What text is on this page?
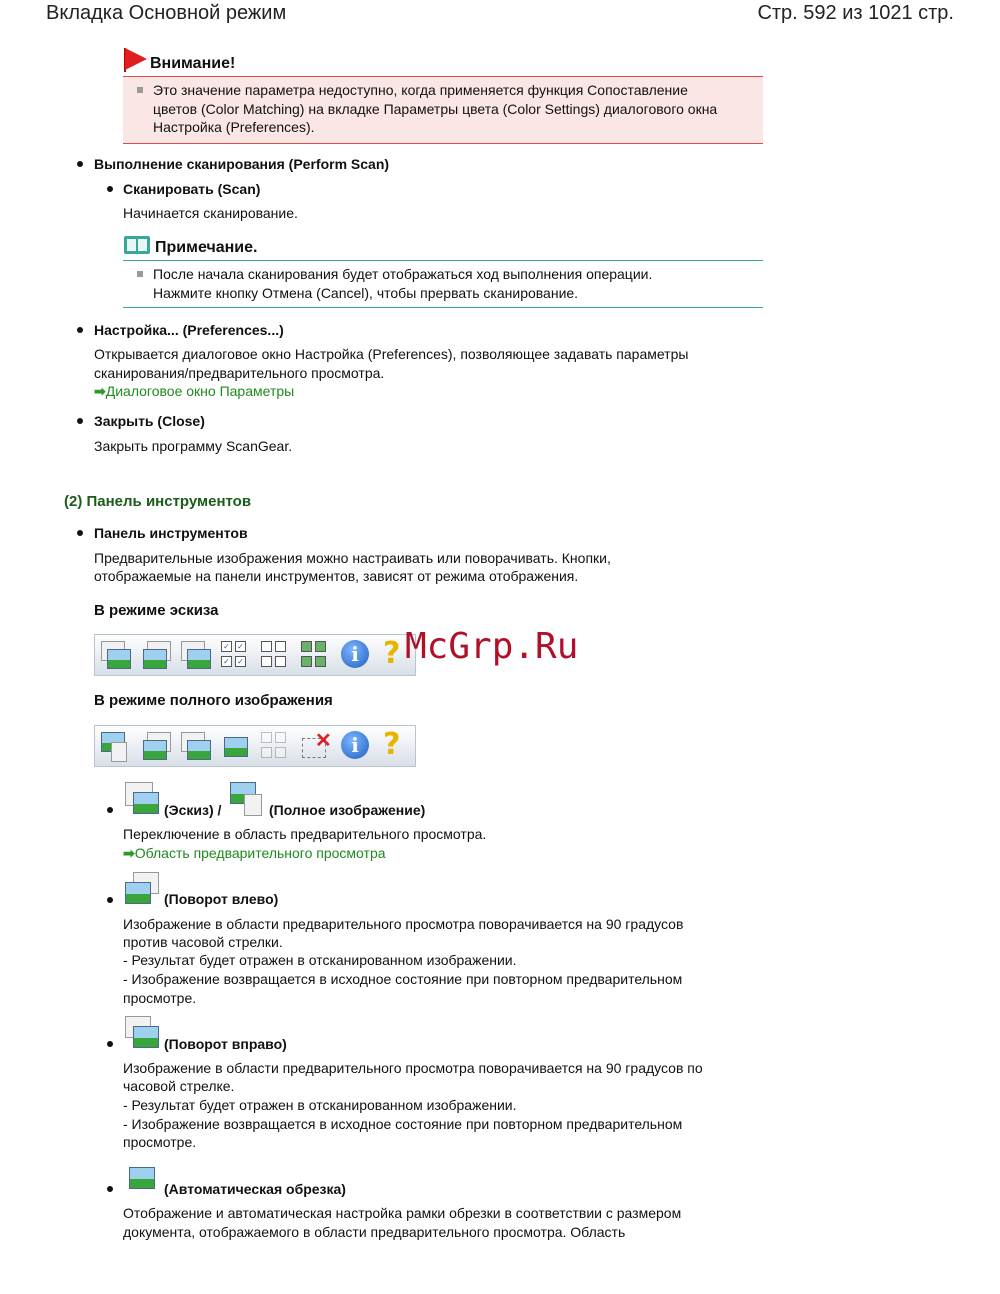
Вкладка Основной режим	Стр. 592 из 1021 стр.
Внимание!
Это значение параметра недоступно, когда применяется функция Сопоставление
цветов (Color Matching) на вкладке Параметры цвета (Color Settings) диалогового окна
Настройка (Preferences).
Выполнение сканирования (Perform Scan)
Сканировать (Scan)
Начинается сканирование.
Примечание.
После начала сканирования будет отображаться ход выполнения операции.
Нажмите кнопку Отмена (Cancel), чтобы прервать сканирование.
Настройка... (Preferences...)
Открывается диалоговое окно Настройка (Preferences), позволяющее задавать параметры
сканирования/предварительного просмотра.
➡Диалоговое окно Параметры
Закрыть (Close)
Закрыть программу ScanGear.
(2) Панель инструментов
Панель инструментов
Предварительные изображения можно настраивать или поворачивать. Кнопки,
отображаемые на панели инструментов, зависят от режима отображения.
В режиме эскиза
✓ ✓
✓ ✓	i ? McGrp.Ru
В режиме полного изображения
✕ i ?
(Эскиз) /	(Полное изображение)
Переключение в область предварительного просмотра.
➡Область предварительного просмотра
(Поворот влево)
Изображение в области предварительного просмотра поворачивается на 90 градусов
против часовой стрелки.
- Результат будет отражен в отсканированном изображении.
- Изображение возвращается в исходное состояние при повторном предварительном
просмотре.
(Поворот вправо)
Изображение в области предварительного просмотра поворачивается на 90 градусов по
часовой стрелке.
- Результат будет отражен в отсканированном изображении.
- Изображение возвращается в исходное состояние при повторном предварительном
просмотре.
(Автоматическая обрезка)
Отображение и автоматическая настройка рамки обрезки в соответствии с размером
документа, отображаемого в области предварительного просмотра. Область
